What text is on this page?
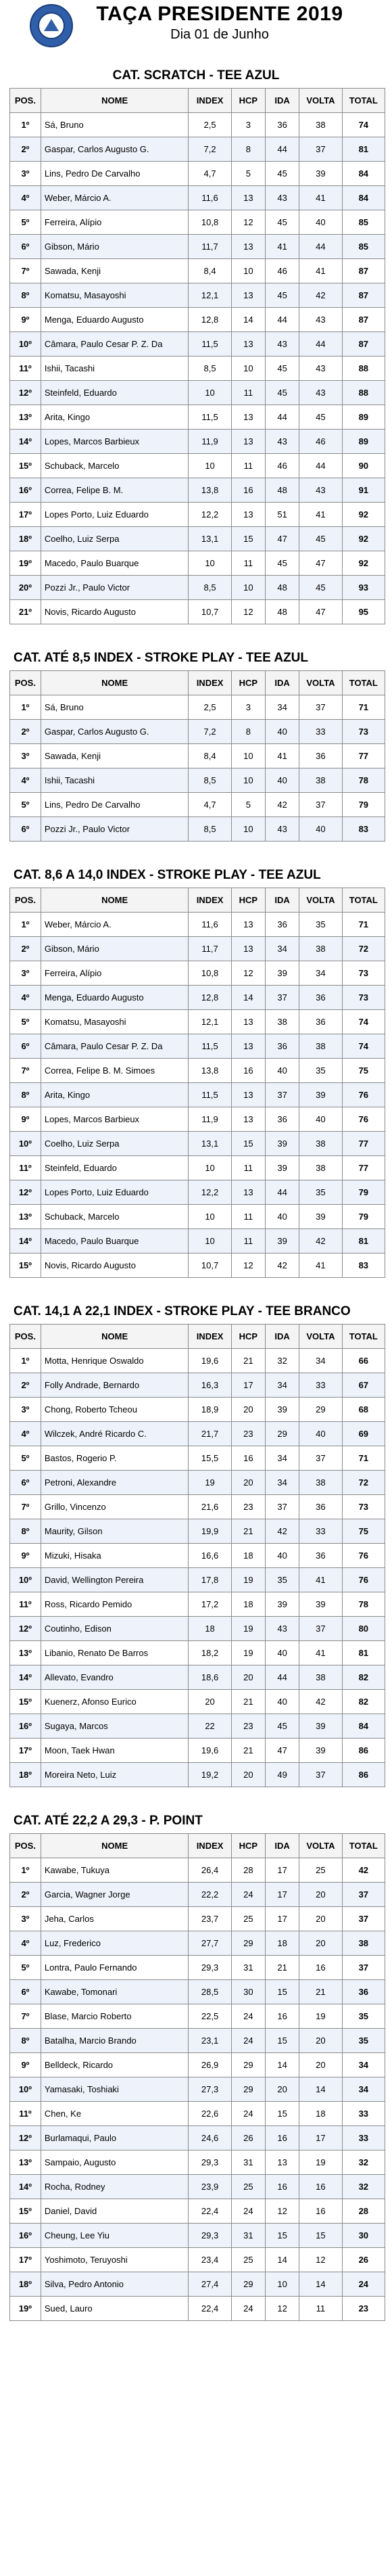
TAÇA PRESIDENTE 2019
Dia 01 de Junho
CAT. SCRATCH - TEE AZUL
POS.	NOME	INDEX	HCP	IDA	VOLTA	TOTAL
1º	Sá, Bruno	2,5	3	36	38	74
2º	Gaspar, Carlos Augusto G.	7,2	8	44	37	81
3º	Lins, Pedro De Carvalho	4,7	5	45	39	84
4º	Weber, Márcio A.	11,6	13	43	41	84
5º	Ferreira, Alípio	10,8	12	45	40	85
6º	Gibson, Mário	11,7	13	41	44	85
7º	Sawada, Kenji	8,4	10	46	41	87
8º	Komatsu, Masayoshi	12,1	13	45	42	87
9º	Menga, Eduardo Augusto	12,8	14	44	43	87
10º	Câmara, Paulo Cesar P. Z. Da	11,5	13	43	44	87
11º	Ishii, Tacashi	8,5	10	45	43	88
12º	Steinfeld, Eduardo	10	11	45	43	88
13º	Arita, Kingo	11,5	13	44	45	89
14º	Lopes, Marcos Barbieux	11,9	13	43	46	89
15º	Schuback, Marcelo	10	11	46	44	90
16º	Correa, Felipe B. M.	13,8	16	48	43	91
17º	Lopes Porto, Luiz Eduardo	12,2	13	51	41	92
18º	Coelho, Luiz Serpa	13,1	15	47	45	92
19º	Macedo, Paulo Buarque	10	11	45	47	92
20º	Pozzi Jr., Paulo Victor	8,5	10	48	45	93
21º	Novis, Ricardo Augusto	10,7	12	48	47	95
CAT. ATÉ 8,5 INDEX - STROKE PLAY - TEE AZUL
POS.	NOME	INDEX	HCP	IDA	VOLTA	TOTAL
1º	Sá, Bruno	2,5	3	34	37	71
2º	Gaspar, Carlos Augusto G.	7,2	8	40	33	73
3º	Sawada, Kenji	8,4	10	41	36	77
4º	Ishii, Tacashi	8,5	10	40	38	78
5º	Lins, Pedro De Carvalho	4,7	5	42	37	79
6º	Pozzi Jr., Paulo Victor	8,5	10	43	40	83
CAT. 8,6 A 14,0 INDEX - STROKE PLAY - TEE AZUL
POS.	NOME	INDEX	HCP	IDA	VOLTA	TOTAL
1º	Weber, Márcio A.	11,6	13	36	35	71
2º	Gibson, Mário	11,7	13	34	38	72
3º	Ferreira, Alípio	10,8	12	39	34	73
4º	Menga, Eduardo Augusto	12,8	14	37	36	73
5º	Komatsu, Masayoshi	12,1	13	38	36	74
6º	Câmara, Paulo Cesar P. Z. Da	11,5	13	36	38	74
7º	Correa, Felipe B. M. Simoes	13,8	16	40	35	75
8º	Arita, Kingo	11,5	13	37	39	76
9º	Lopes, Marcos Barbieux	11,9	13	36	40	76
10º	Coelho, Luiz Serpa	13,1	15	39	38	77
11º	Steinfeld, Eduardo	10	11	39	38	77
12º	Lopes Porto, Luiz Eduardo	12,2	13	44	35	79
13º	Schuback, Marcelo	10	11	40	39	79
14º	Macedo, Paulo Buarque	10	11	39	42	81
15º	Novis, Ricardo Augusto	10,7	12	42	41	83
CAT. 14,1 A 22,1 INDEX - STROKE PLAY - TEE BRANCO
POS.	NOME	INDEX	HCP	IDA	VOLTA	TOTAL
1º	Motta, Henrique Oswaldo	19,6	21	32	34	66
2º	Folly Andrade, Bernardo	16,3	17	34	33	67
3º	Chong, Roberto Tcheou	18,9	20	39	29	68
4º	Wilczek, André Ricardo C.	21,7	23	29	40	69
5º	Bastos, Rogerio P.	15,5	16	34	37	71
6º	Petroni, Alexandre	19	20	34	38	72
7º	Grillo, Vincenzo	21,6	23	37	36	73
8º	Maurity, Gilson	19,9	21	42	33	75
9º	Mizuki, Hisaka	16,6	18	40	36	76
10º	David, Wellington Pereira	17,8	19	35	41	76
11º	Ross, Ricardo Pemido	17,2	18	39	39	78
12º	Coutinho, Edison	18	19	43	37	80
13º	Libanio, Renato De Barros	18,2	19	40	41	81
14º	Allevato, Evandro	18,6	20	44	38	82
15º	Kuenerz, Afonso Eurico	20	21	40	42	82
16º	Sugaya, Marcos	22	23	45	39	84
17º	Moon, Taek Hwan	19,6	21	47	39	86
18º	Moreira Neto, Luiz	19,2	20	49	37	86
CAT. ATÉ 22,2 A 29,3 - P. POINT
POS.	NOME	INDEX	HCP	IDA	VOLTA	TOTAL
1º	Kawabe, Tukuya	26,4	28	17	25	42
2º	Garcia, Wagner Jorge	22,2	24	17	20	37
3º	Jeha, Carlos	23,7	25	17	20	37
4º	Luz, Frederico	27,7	29	18	20	38
5º	Lontra, Paulo Fernando	29,3	31	21	16	37
6º	Kawabe, Tomonari	28,5	30	15	21	36
7º	Blase, Marcio Roberto	22,5	24	16	19	35
8º	Batalha, Marcio Brando	23,1	24	15	20	35
9º	Belldeck, Ricardo	26,9	29	14	20	34
10º	Yamasaki, Toshiaki	27,3	29	20	14	34
11º	Chen, Ke	22,6	24	15	18	33
12º	Burlamaqui, Paulo	24,6	26	16	17	33
13º	Sampaio, Augusto	29,3	31	13	19	32
14º	Rocha, Rodney	23,9	25	16	16	32
15º	Daniel, David	22,4	24	12	16	28
16º	Cheung, Lee Yiu	29,3	31	15	15	30
17º	Yoshimoto, Teruyoshi	23,4	25	14	12	26
18º	Silva, Pedro Antonio	27,4	29	10	14	24
19º	Sued, Lauro	22,4	24	12	11	23
